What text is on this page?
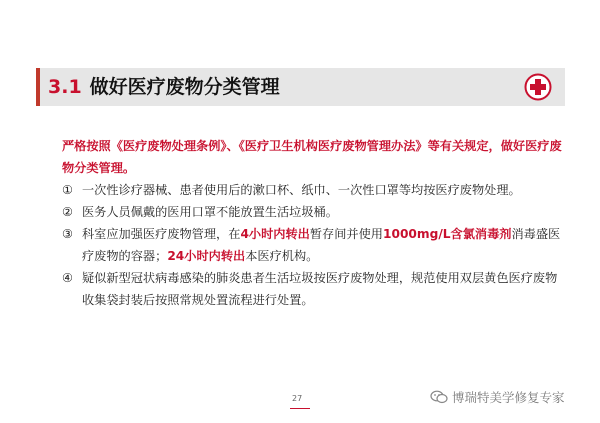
3.1 做好医疗废物分类管理
严格按照《医疗废物处理条例》、《医疗卫生机构医疗废物管理办法》等有关规定，做好医疗废物分类管理。
① 一次性诊疗器械、患者使用后的漱口杯、纸巾、一次性口罩等均按医疗废物处理。
② 医务人员佩戴的医用口罩不能放置生活垃圾桶。
③ 科室应加强医疗废物管理，在4小时内转出暂存间并使用1000mg/L含氯消毒剂消毒盛医疗废物的容器；24小时内转出本医疗机构。
④ 疑似新型冠状病毒感染的肺炎患者生活垃圾按医疗废物处理，规范使用双层黄色医疗废物收集袋封装后按照常规处置流程进行处置。
博瑞特美学修复专家
27
